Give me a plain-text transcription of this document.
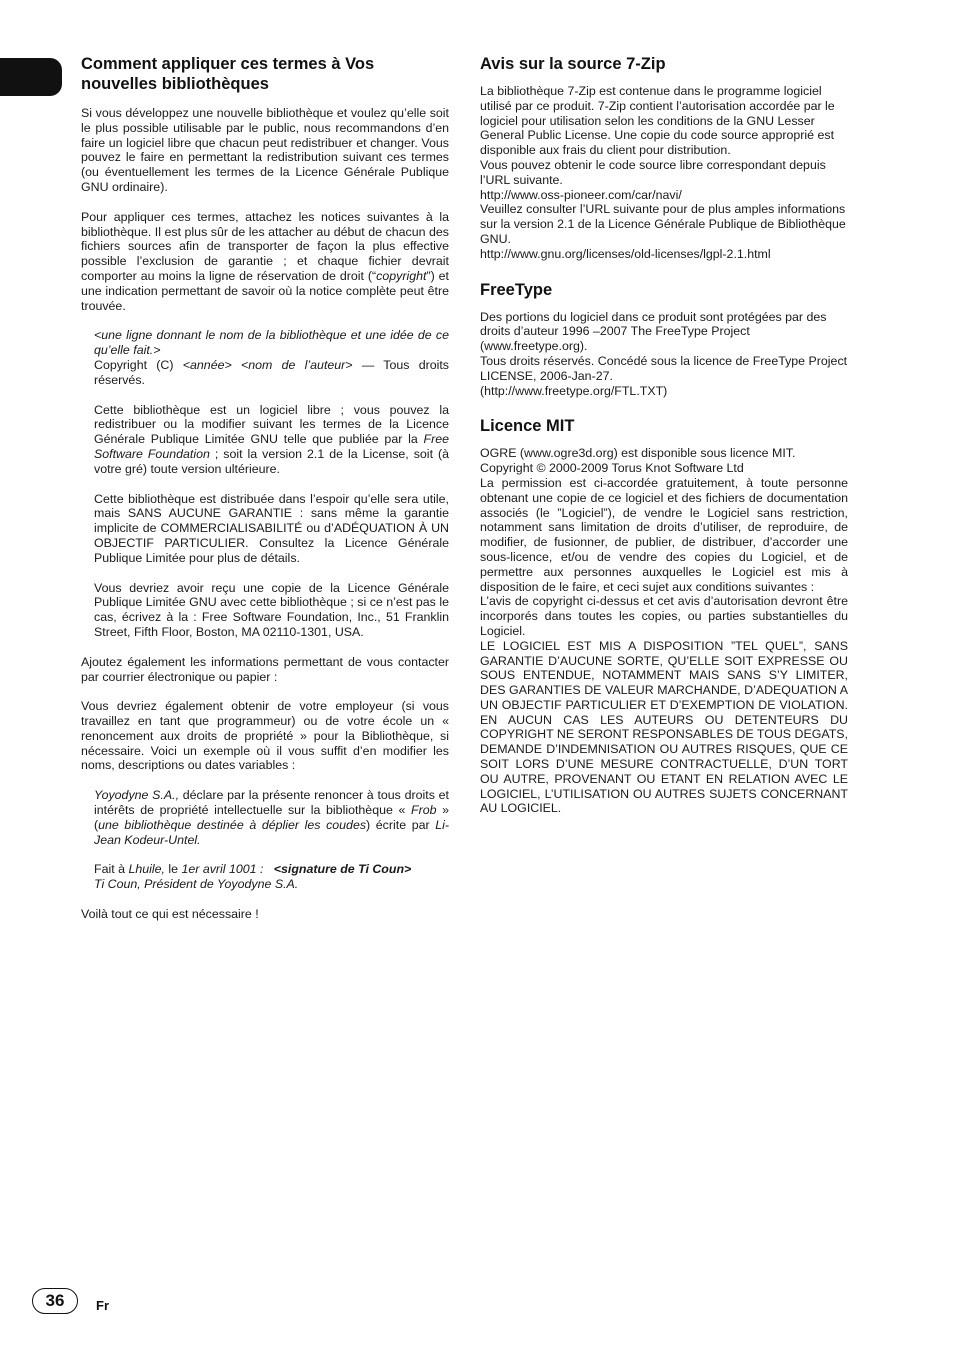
Comment appliquer ces termes à Vos nouvelles bibliothèques

Si vous développez une nouvelle bibliothèque et voulez qu’elle soit le plus possible utilisable par le public, nous recommandons d’en faire un logiciel libre que chacun peut redistribuer et changer. Vous pouvez le faire en permettant la redistribution suivant ces termes (ou éventuellement les termes de la Licence Générale Publique GNU ordinaire).

Pour appliquer ces termes, attachez les notices suivantes à la bibliothèque. Il est plus sûr de les attacher au début de chacun des fichiers sources afin de transporter de façon la plus effective possible l’exclusion de garantie ; et chaque fichier devrait comporter au moins la ligne de réservation de droit (“copyright”) et une indication permettant de savoir où la notice complète peut être trouvée.

<une ligne donnant le nom de la bibliothèque et une idée de ce qu’elle fait.>
Copyright (C) <année> <nom de l’auteur> — Tous droits réservés.

Cette bibliothèque est un logiciel libre ; vous pouvez la redistribuer ou la modifier suivant les termes de la Licence Générale Publique Limitée GNU telle que publiée par la Free Software Foundation ; soit la version 2.1 de la License, soit (à votre gré) toute version ultérieure.

Cette bibliothèque est distribuée dans l’espoir qu’elle sera utile, mais SANS AUCUNE GARANTIE : sans même la garantie implicite de COMMERCIALISABILITÉ ou d’ADÉQUATION À UN OBJECTIF PARTICULIER. Consultez la Licence Générale Publique Limitée pour plus de détails.

Vous devriez avoir reçu une copie de la Licence Générale Publique Limitée GNU avec cette bibliothèque ; si ce n’est pas le cas, écrivez à la : Free Software Foundation, Inc., 51 Franklin Street, Fifth Floor, Boston, MA 02110-1301, USA.

Ajoutez également les informations permettant de vous contacter par courrier électronique ou papier :

Vous devriez également obtenir de votre employeur (si vous travaillez en tant que programmeur) ou de votre école un « renoncement aux droits de propriété » pour la Bibliothèque, si nécessaire. Voici un exemple où il vous suffit d’en modifier les noms, descriptions ou dates variables :

Yoyodyne S.A., déclare par la présente renoncer à tous droits et intérêts de propriété intellectuelle sur la bibliothèque « Frob » (une bibliothèque destinée à déplier les coudes) écrite par Li-Jean Kodeur-Untel.

Fait à Lhuile, le 1er avril 1001 : <signature de Ti Coun>
Ti Coun, Président de Yoyodyne S.A.

Voilà tout ce qui est nécessaire !

Avis sur la source 7-Zip

La bibliothèque 7-Zip est contenue dans le programme logiciel utilisé par ce produit. 7-Zip contient l’autorisation accordée par le logiciel pour utilisation selon les conditions de la GNU Lesser General Public License. Une copie du code source approprié est disponible aux frais du client pour distribution.

Vous pouvez obtenir le code source libre correspondant depuis l’URL suivante.

http://www.oss-pioneer.com/car/navi/

Veuillez consulter l’URL suivante pour de plus amples informations sur la version 2.1 de la Licence Générale Publique de Bibliothèque GNU.

http://www.gnu.org/licenses/old-licenses/lgpl-2.1.html

FreeType

Des portions du logiciel dans ce produit sont protégées par des droits d’auteur 1996 –2007 The FreeType Project (www.freetype.org).

Tous droits réservés. Concédé sous la licence de FreeType Project LICENSE, 2006-Jan-27.

(http://www.freetype.org/FTL.TXT)

Licence MIT

OGRE (www.ogre3d.org) est disponible sous licence MIT.

Copyright © 2000-2009 Torus Knot Software Ltd

La permission est ci-accordée gratuitement, à toute personne obtenant une copie de ce logiciel et des fichiers de documentation associés (le ”Logiciel”), de vendre le Logiciel sans restriction, notamment sans limitation de droits d’utiliser, de reproduire, de modifier, de fusionner, de publier, de distribuer, d’accorder une sous-licence, et/ou de vendre des copies du Logiciel, et de permettre aux personnes auxquelles le Logiciel est mis à disposition de le faire, et ceci sujet aux conditions suivantes :

L’avis de copyright ci-dessus et cet avis d’autorisation devront être incorporés dans toutes les copies, ou parties substantielles du Logiciel.

LE LOGICIEL EST MIS A DISPOSITION ”TEL QUEL”, SANS GARANTIE D’AUCUNE SORTE, QU’ELLE SOIT EXPRESSE OU SOUS ENTENDUE, NOTAMMENT MAIS SANS S’Y LIMITER, DES GARANTIES DE VALEUR MARCHANDE, D’ADEQUATION A UN OBJECTIF PARTICULIER ET D’EXEMPTION DE VIOLATION. EN AUCUN CAS LES AUTEURS OU DETENTEURS DU COPYRIGHT NE SERONT RESPONSABLES DE TOUS DEGATS, DEMANDE D’INDEMNISATION OU AUTRES RISQUES, QUE CE SOIT LORS D’UNE MESURE CONTRACTUELLE, D’UN TORT OU AUTRE, PROVENANT OU ETANT EN RELATION AVEC LE LOGICIEL, L’UTILISATION OU AUTRES SUJETS CONCERNANT AU LOGICIEL.

36	Fr
